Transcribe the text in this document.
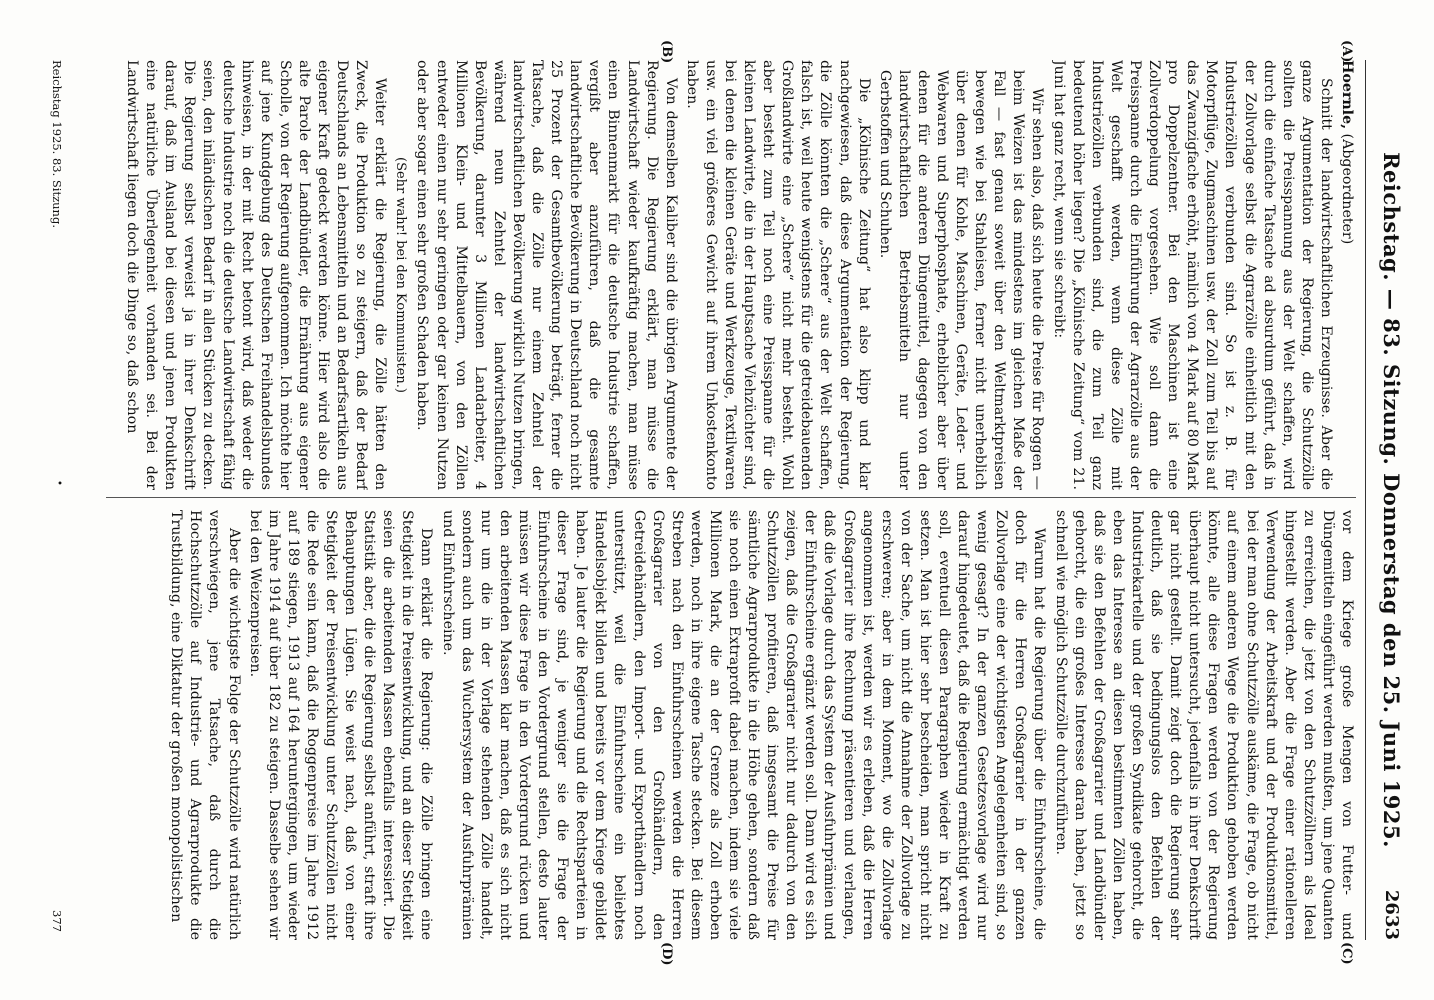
Reichstag. — 83. Sitzung. Donnerstag den 25. Juni 1925.
2633
(A)
(B)
(C)
(D)

Hoernle, (Abgeordneter)

Schnitt der landwirtschaftlichen Erzeugnisse. Aber die ganze Argumentation der Regierung, die Schutzzölle sollten die Preisspannung aus der Welt schaffen, wird durch die einfache Tatsache ad absurdum geführt, daß in der Zollvorlage selbst die Agrarzölle einheitlich mit den Industriezöllen verbunden sind. So ist z. B. für Motorpflüge, Zugmaschinen usw. der Zoll zum Teil bis auf das Zwanzigfache erhöht, nämlich von 4 Mark auf 80 Mark pro Doppelzentner. Bei den Maschinen ist eine Zollverdoppelung vorgesehen. Wie soll dann die Preisspanne durch die Einführung der Agrarzölle aus der Welt geschafft werden, wenn diese Zölle mit Industriezöllen verbunden sind, die zum Teil ganz bedeutend höher liegen? Die „Kölnische Zeitung“ vom 21. Juni hat ganz recht, wenn sie schreibt:

Wir sehen also, daß sich heute die Preise für Roggen — beim Weizen ist das mindestens im gleichen Maße der Fall — fast genau soweit über den Weltmarktpreisen bewegen wie bei Stahleisen, ferner nicht unerheblich über denen für Kohle, Maschinen, Geräte, Leder- und Webwaren und Superphosphate, erheblicher aber über denen für die anderen Düngemittel, dagegen von den landwirtschaftlichen Betriebsmitteln nur unter Gerbstoffen und Schuhen.

Die „Kölnische Zeitung“ hat also klipp und klar nachgewiesen, daß diese Argumentation der Regierung, die Zölle könnten die „Schere“ aus der Welt schaffen, falsch ist, weil heute wenigstens für die getreidebauenden Großlandwirte eine „Schere“ nicht mehr besteht. Wohl aber besteht zum Teil noch eine Preisspanne für die kleinen Landwirte, die in der Hauptsache Viehzüchter sind, bei denen die kleinen Geräte und Werkzeuge, Textilwaren usw. ein viel größeres Gewicht auf ihrem Unkostenkonto haben.

Von demselben Kaliber sind die übrigen Argumente der Regierung. Die Regierung erklärt, man müsse die Landwirtschaft wieder kaufkräftig machen, man müsse einen Binnenmarkt für die deutsche Industrie schaffen, vergißt aber anzuführen, daß die gesamte landwirtschaftliche Bevölkerung in Deutschland noch nicht 25 Prozent der Gesamtbevölkerung beträgt, ferner die Tatsache, daß die Zölle nur einem Zehntel der landwirtschaftlichen Bevölkerung wirklich Nutzen bringen, während neun Zehntel der landwirtschaftlichen Bevölkerung, darunter 3 Millionen Landarbeiter, 4 Millionen Klein- und Mittelbauern, von den Zöllen entweder einen nur sehr geringen oder gar keinen Nutzen oder aber sogar einen sehr großen Schaden haben.

(Sehr wahr! bei den Kommunisten.)

Weiter erklärt die Regierung, die Zölle hätten den Zweck, die Produktion so zu steigern, daß der Bedarf Deutschlands an Lebensmitteln und an Bedarfsartikeln aus eigener Kraft gedeckt werden könne. Hier wird also die alte Parole der Landbündler, die Ernährung aus eigener Scholle, von der Regierung aufgenommen. Ich möchte hier auf jene Kundgebung des Deutschen Freihandelsbundes hinweisen, in der mit Recht betont wird, daß weder die deutsche Industrie noch die deutsche Landwirtschaft fähig seien, den inländischen Bedarf in allen Stücken zu decken. Die Regierung selbst verweist ja in ihrer Denkschrift darauf, daß im Ausland bei diesen und jenen Produkten eine natürliche Überlegenheit vorhanden sei. Bei der Landwirtschaft liegen doch die Dinge so, daß schon

vor dem Kriege große Mengen von Futter- und Düngemitteln eingeführt werden mußten, um jene Quanten zu erreichen, die jetzt von den Schutzzöllnern als Ideal hingestellt werden. Aber die Frage einer rationelleren Verwendung der Arbeitskraft und der Produktionsmittel, bei der man ohne Schutzzölle auskäme, die Frage, ob nicht auf einem anderen Wege die Produktion gehoben werden könnte, alle diese Fragen werden von der Regierung überhaupt nicht untersucht, jedenfalls in ihrer Denkschrift gar nicht gestellt. Damit zeigt doch die Regierung sehr deutlich, daß sie bedingungslos den Befehlen der Industriekartelle und der großen Syndikate gehorcht, die eben das Interesse an diesen bestimmten Zöllen haben, daß sie den Befehlen der Großagrarier und Landbündler gehorcht, die ein großes Interesse daran haben, jetzt so schnell wie möglich Schutzzölle durchzuführen.

Warum hat die Regierung über die Einfuhrscheine, die doch für die Herren Großagrarier in der ganzen Zollvorlage eine der wichtigsten Angelegenheiten sind, so wenig gesagt? In der ganzen Gesetzesvorlage wird nur darauf hingedeutet, daß die Regierung ermächtigt werden soll, eventuell diesen Paragraphen wieder in Kraft zu setzen. Man ist hier sehr bescheiden, man spricht nicht von der Sache, um nicht die Annahme der Zollvorlage zu erschweren; aber in dem Moment, wo die Zollvorlage angenommen ist, werden wir es erleben, daß die Herren Großagrarier ihre Rechnung präsentieren und verlangen, daß die Vorlage durch das System der Ausfuhrprämien und der Einfuhrscheine ergänzt werden soll. Dann wird es sich zeigen, daß die Großagrarier nicht nur dadurch von den Schutzzöllen profitieren, daß insgesamt die Preise für sämtliche Agrarprodukte in die Höhe gehen, sondern daß sie noch einen Extraprofit dabei machen, indem sie viele Millionen Mark, die an der Grenze als Zoll erhoben werden, noch in ihre eigene Tasche stecken. Bei diesem Streben nach den Einfuhrscheinen werden die Herren Großagrarier von den Großhändlern, den Getreidehändlern, den Import- und Exporthändlern noch unterstützt, weil die Einfuhrscheine ein beliebtes Handelsobjekt bilden und bereits vor dem Kriege gebildet haben. Je lauter die Regierung und die Rechtsparteien in dieser Frage sind, je weniger sie die Frage der Einfuhrscheine in den Vordergrund stellen, desto lauter müssen wir diese Frage in den Vordergrund rücken und den arbeitenden Massen klar machen, daß es sich nicht nur um die in der Vorlage stehenden Zölle handelt, sondern auch um das Wuchersystem der Ausfuhrprämien und Einfuhrscheine.

Dann erklärt die Regierung: die Zölle bringen eine Stetigkeit in die Preisentwicklung, und an dieser Stetigkeit seien die arbeitenden Massen ebenfalls interessiert. Die Statistik aber, die die Regierung selbst anführt, straft ihre Behauptungen Lügen. Sie weist nach, daß von einer Stetigkeit der Preisentwicklung unter Schutzzöllen nicht die Rede sein kann, daß die Roggenpreise im Jahre 1912 auf 189 stiegen, 1913 auf 164 heruntergingen, um wieder im Jahre 1914 auf über 182 zu steigen. Dasselbe sehen wir bei den Weizenpreisen.

Aber die wichtigste Folge der Schutzzölle wird natürlich verschwiegen, jene Tatsache, daß durch die Hochschutzzölle auf Industrie- und Agrarprodukte die Trustbildung, eine Diktatur der großen monopolistischen

Reichstag 1925. 83. Sitzung.
•
377
